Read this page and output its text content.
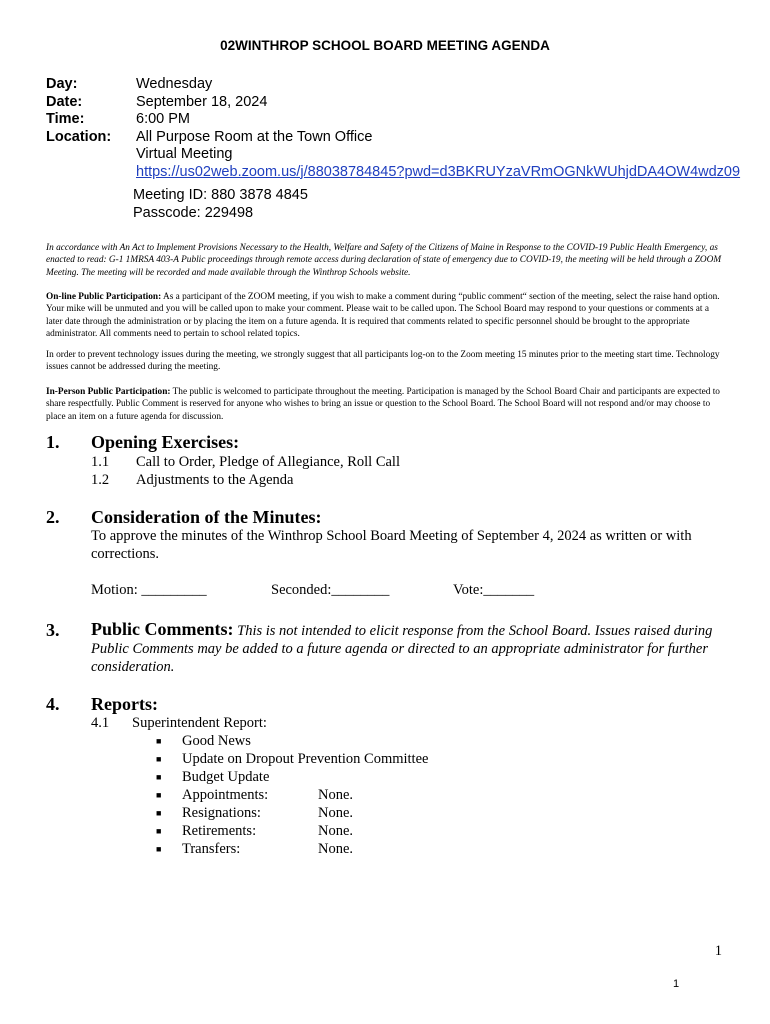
02WINTHROP SCHOOL BOARD MEETING AGENDA
Day:	Wednesday
Date:	September 18, 2024
Time:	6:00 PM
Location:	All Purpose Room at the Town Office
Virtual Meeting
https://us02web.zoom.us/j/88038784845?pwd=d3BKRUYzaVRmOGNkWUhjdDA4OW4wdz09
Meeting ID: 880 3878 4845
Passcode: 229498
In accordance with An Act to Implement Provisions Necessary to the Health, Welfare and Safety of the Citizens of Maine in Response to the COVID-19 Public Health Emergency, as enacted to read: G-1 1MRSA 403-A Public proceedings through remote access during declaration of state of emergency due to COVID-19, the meeting will be held through a ZOOM Meeting. The meeting will be recorded and made available through the Winthrop Schools website.
On-line Public Participation: As a participant of the ZOOM meeting, if you wish to make a comment during “public comment“ section of the meeting, select the raise hand option. Your mike will be unmuted and you will be called upon to make your comment. Please wait to be called upon. The School Board may respond to your questions or comments at a later date through the administration or by placing the item on a future agenda. It is required that comments related to specific personnel should be brought to the appropriate administrator. All comments need to pertain to school related topics.
In order to prevent technology issues during the meeting, we strongly suggest that all participants log-on to the Zoom meeting 15 minutes prior to the meeting start time. Technology issues cannot be addressed during the meeting.
In-Person Public Participation: The public is welcomed to participate throughout the meeting. Participation is managed by the School Board Chair and participants are expected to share respectfully. Public Comment is reserved for anyone who wishes to bring an issue or question to the School Board. The School Board will not respond and/or may choose to place an item on a future agenda for discussion.
1. Opening Exercises:
1.1 Call to Order, Pledge of Allegiance, Roll Call
1.2 Adjustments to the Agenda
2. Consideration of the Minutes:
To approve the minutes of the Winthrop School Board Meeting of September 4, 2024 as written or with corrections.
Motion: _________	Seconded:________	Vote:_______
3. Public Comments: This is not intended to elicit response from the School Board. Issues raised during Public Comments may be added to a future agenda or directed to an appropriate administrator for further consideration.
4. Reports:
4.1 Superintendent Report:
■	Good News
■	Update on Dropout Prevention Committee
■	Budget Update
■	Appointments:	None.
■	Resignations:	None.
■	Retirements:	None.
■	Transfers:	None.
1
1
